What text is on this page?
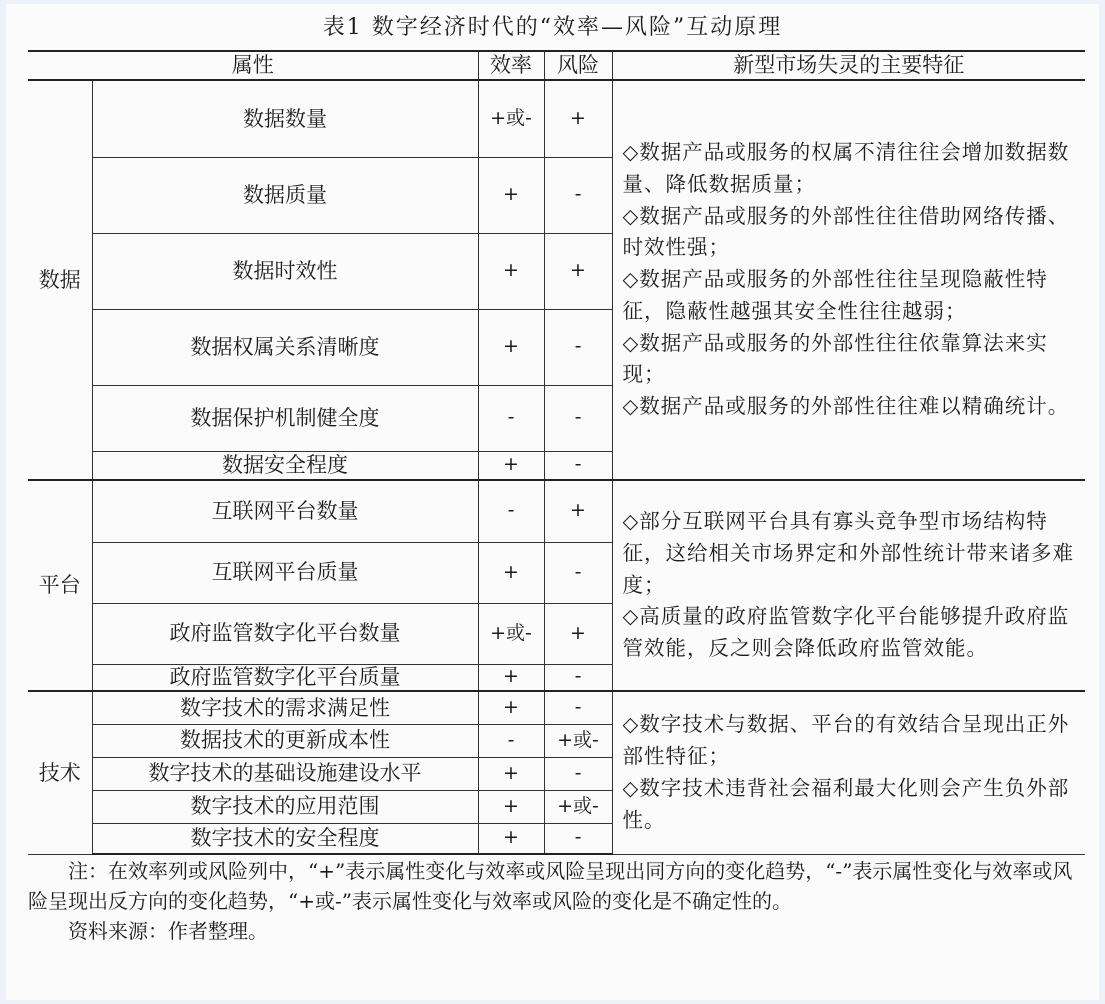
表1 数字经济时代的“效率—风险”互动原理
属性		效率	风险	新型市场失灵的主要特征
数据	数据数量	+或-	+	◇数据产品或服务的权属不清往往会增加数据数量、降低数据质量；
◇数据产品或服务的外部性往往借助网络传播、时效性强；
◇数据产品或服务的外部性往往呈现隐蔽性特征，隐蔽性越强其安全性往往越弱；
◇数据产品或服务的外部性往往依靠算法来实现；
◇数据产品或服务的外部性往往难以精确统计。

	数据质量	+	-	
	数据时效性	+	+	
	数据权属关系清晰度	+	-	
	数据保护机制健全度	-	-	
	数据安全程度	+	-	
平台	互联网平台数量	-	+	◇部分互联网平台具有寡头竞争型市场结构特征，这给相关市场界定和外部性统计带来诸多难度；
◇高质量的政府监管数字化平台能够提升政府监管效能，反之则会降低政府监管效能。

	互联网平台质量	+	-	
	政府监管数字化平台数量	+或-	+	
	政府监管数字化平台质量	+	-	
技术	数字技术的需求满足性	+	-	◇数字技术与数据、平台的有效结合呈现出正外部性特征；
◇数字技术违背社会福利最大化则会产生负外部性。

	数据技术的更新成本性	-	+或-	
	数字技术的基础设施建设水平	+	-	
	数字技术的应用范围	+	+或-	
	数字技术的安全程度	+	-	

注：在效率列或风险列中，“+”表示属性变化与效率或风险呈现出同方向的变化趋势，“-”表示属性变化与效率或风险呈现出反方向的变化趋势，“+或-”表示属性变化与效率或风险的变化是不确定性的。

资料来源：作者整理。
